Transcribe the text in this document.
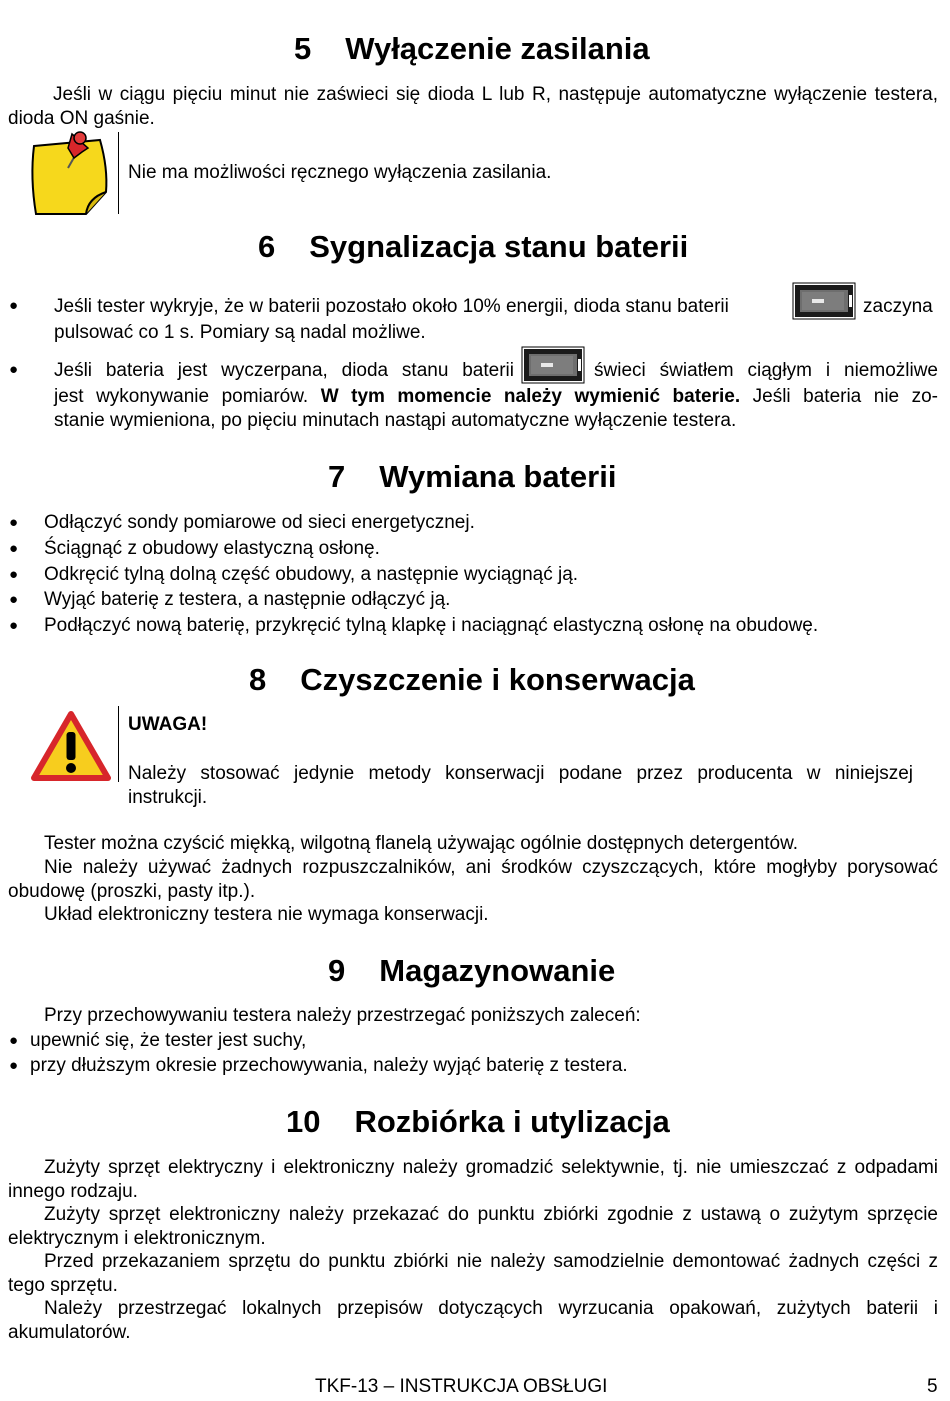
5 Wyłączenie zasilania
Jeśli w ciągu pięciu minut nie zaświeci się dioda L lub R, następuje automatyczne wyłączenie testera, dioda ON gaśnie.
Nie ma możliwości ręcznego wyłączenia zasilania.
6 Sygnalizacja stanu baterii
● Jeśli tester wykryje, że w baterii pozostało około 10% energii, dioda stanu baterii	zaczyna
pulsować co 1 s. Pomiary są nadal możliwe.
● Jeśli bateria jest wyczerpana, dioda stanu baterii	świeci światłem ciągłym i niemożliwe
jest wykonywanie pomiarów. W tym momencie należy wymienić baterie. Jeśli bateria nie zo-
stanie wymieniona, po pięciu minutach nastąpi automatyczne wyłączenie testera.
7 Wymiana baterii
● Odłączyć sondy pomiarowe od sieci energetycznej.
● Ściągnąć z obudowy elastyczną osłonę.
● Odkręcić tylną dolną część obudowy, a następnie wyciągnąć ją.
● Wyjąć baterię z testera, a następnie odłączyć ją.
● Podłączyć nową baterię, przykręcić tylną klapkę i naciągnąć elastyczną osłonę na obudowę.
8 Czyszczenie i konserwacja
UWAGA!
Należy stosować jedynie metody konserwacji podane przez producenta w niniejszej instrukcji.
Tester można czyścić miękką, wilgotną flanelą używając ogólnie dostępnych detergentów.
Nie należy używać żadnych rozpuszczalników, ani środków czyszczących, które mogłyby porysować obudowę (proszki, pasty itp.).
Układ elektroniczny testera nie wymaga konserwacji.
9 Magazynowanie
Przy przechowywaniu testera należy przestrzegać poniższych zaleceń:
● upewnić się, że tester jest suchy,
● przy dłuższym okresie przechowywania, należy wyjąć baterię z testera.
10 Rozbiórka i utylizacja
Zużyty sprzęt elektryczny i elektroniczny należy gromadzić selektywnie, tj. nie umieszczać z odpadami innego rodzaju.
Zużyty sprzęt elektroniczny należy przekazać do punktu zbiórki zgodnie z ustawą o zużytym sprzęcie elektrycznym i elektronicznym.
Przed przekazaniem sprzętu do punktu zbiórki nie należy samodzielnie demontować żadnych części z tego sprzętu.
Należy przestrzegać lokalnych przepisów dotyczących wyrzucania opakowań, zużytych baterii i akumulatorów.
TKF-13 – INSTRUKCJA OBSŁUGI	5
